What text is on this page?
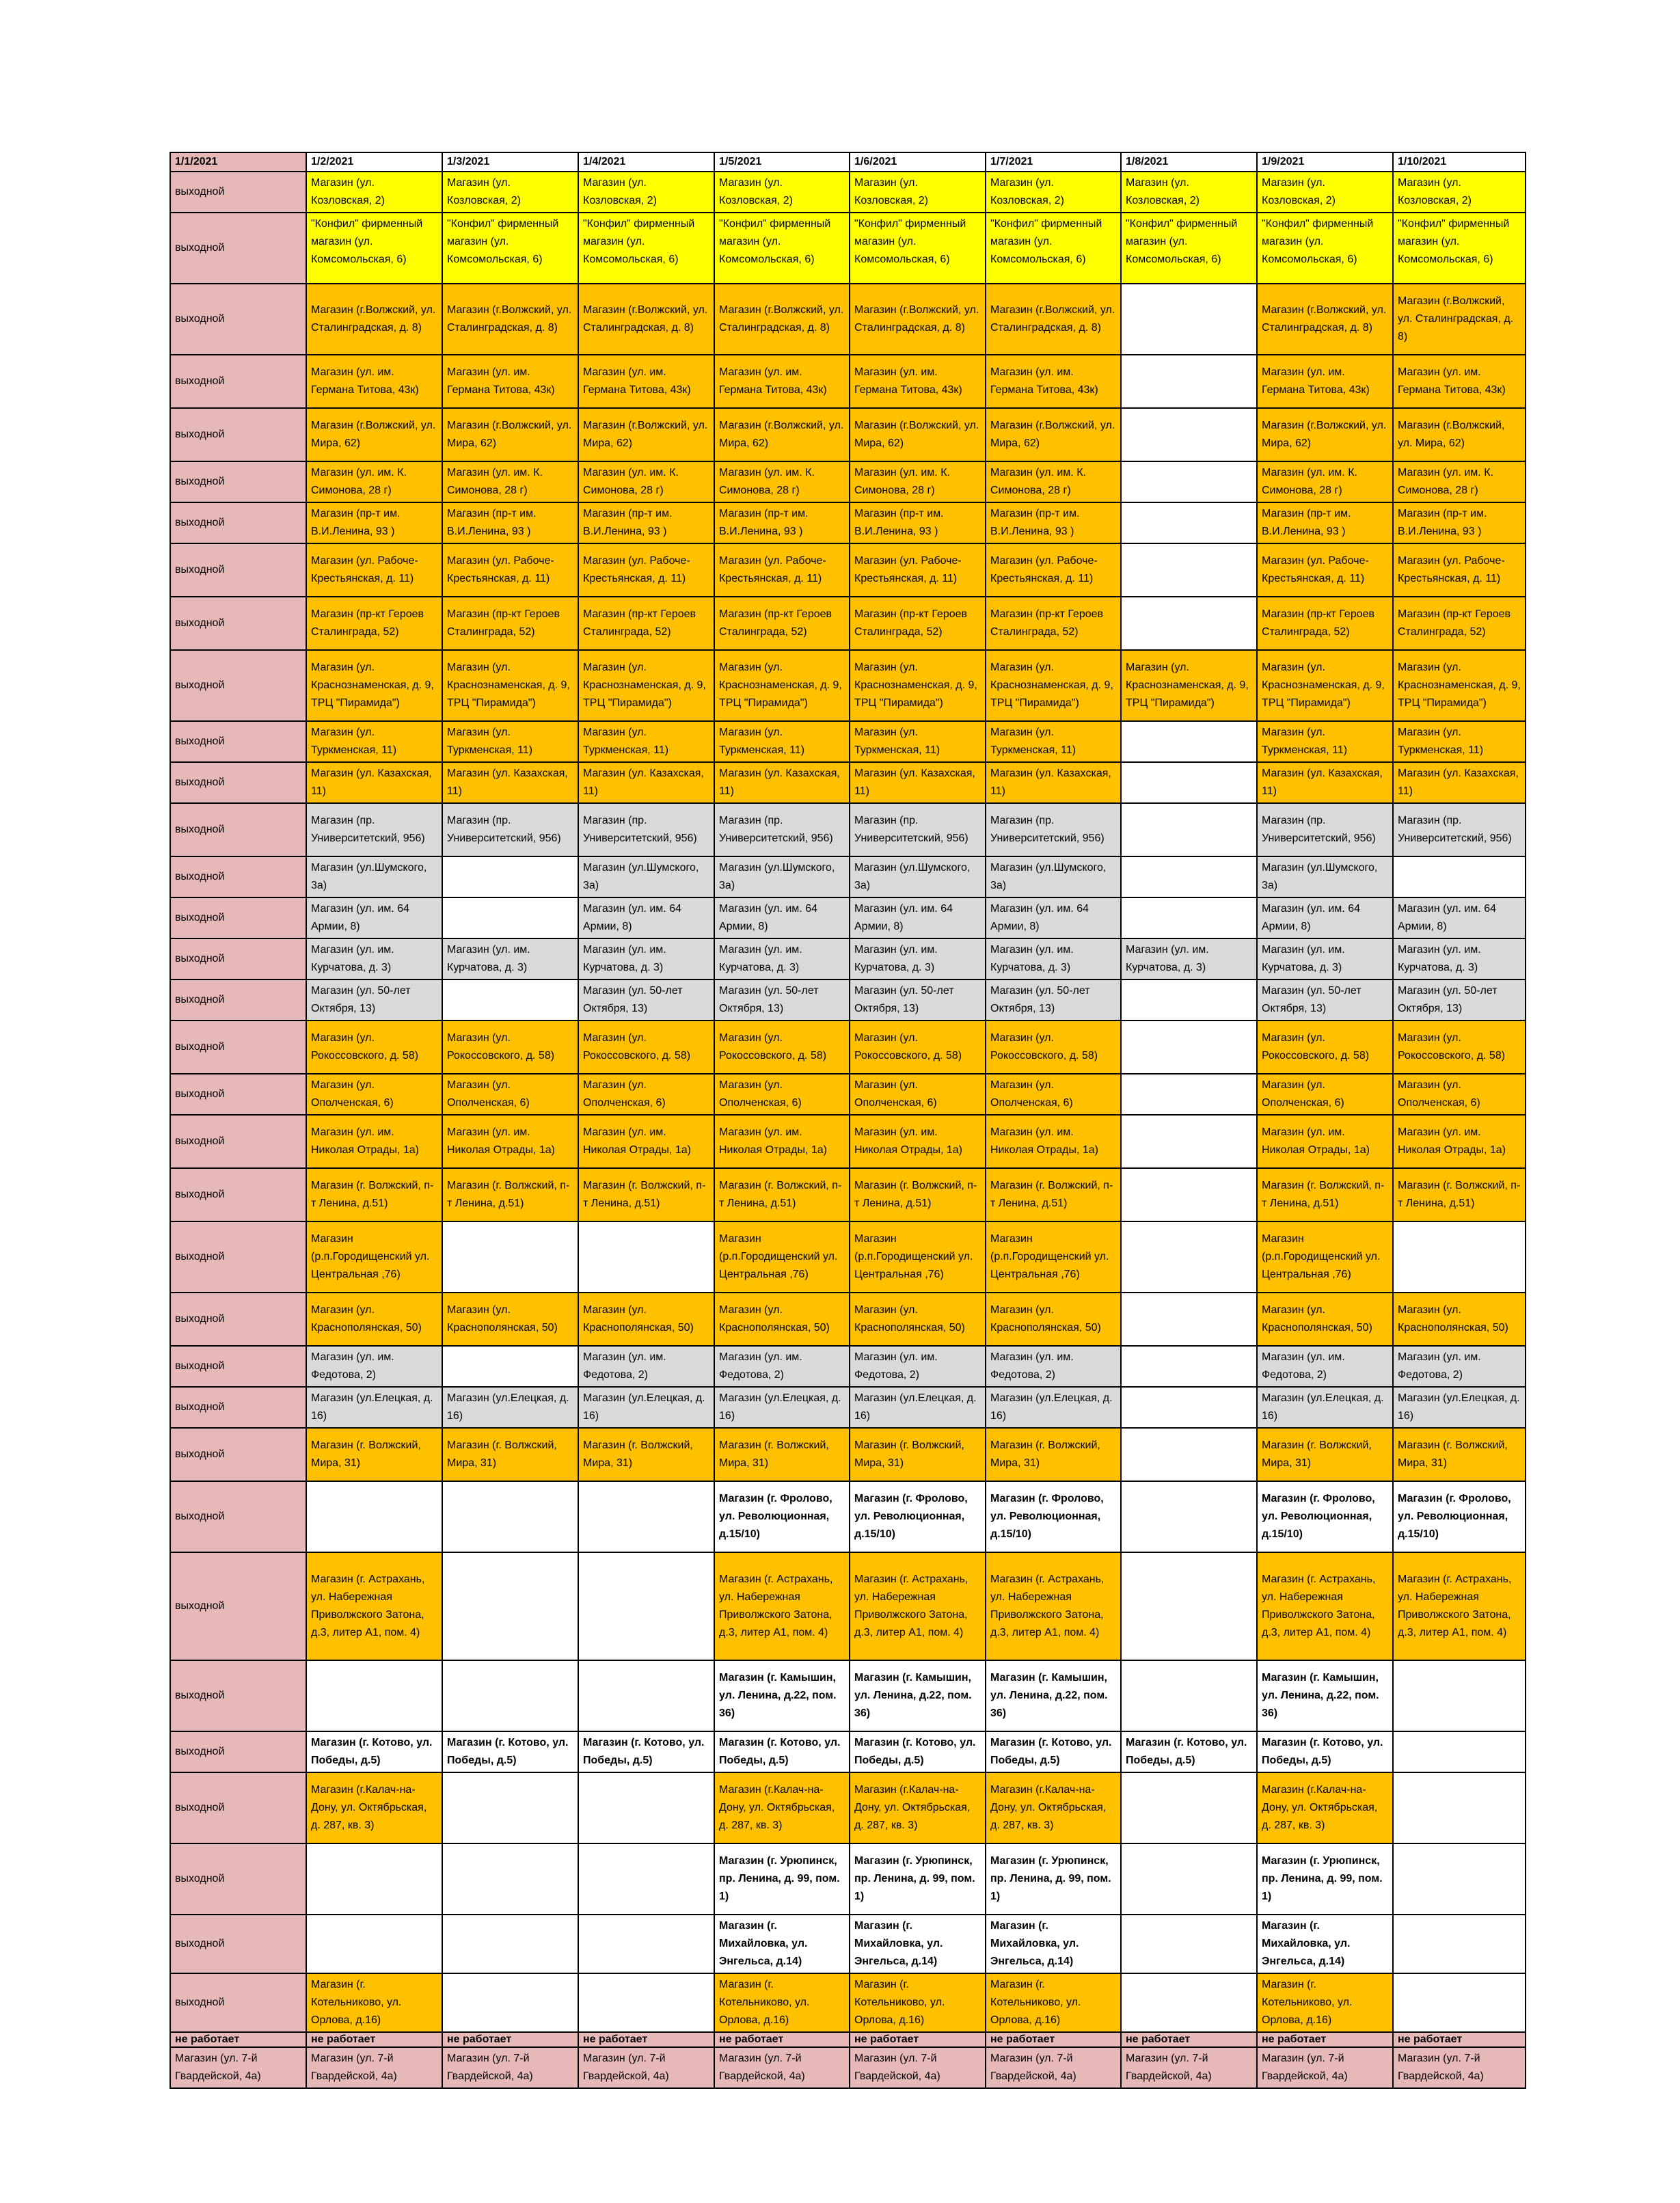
1/1/2021	1/2/2021	1/3/2021	1/4/2021	1/5/2021	1/6/2021	1/7/2021	1/8/2021	1/9/2021	1/10/2021
выходной	Магазин (ул. Козловская, 2)	Магазин (ул. Козловская, 2)	Магазин (ул. Козловская, 2)	Магазин (ул. Козловская, 2)	Магазин (ул. Козловская, 2)	Магазин (ул. Козловская, 2)	Магазин (ул. Козловская, 2)	Магазин (ул. Козловская, 2)	Магазин (ул. Козловская, 2)
выходной	"Конфил" фирменный магазин (ул. Комсомольская, 6)	"Конфил" фирменный магазин (ул. Комсомольская, 6)	"Конфил" фирменный магазин (ул. Комсомольская, 6)	"Конфил" фирменный магазин (ул. Комсомольская, 6)	"Конфил" фирменный магазин (ул. Комсомольская, 6)	"Конфил" фирменный магазин (ул. Комсомольская, 6)	"Конфил" фирменный магазин (ул. Комсомольская, 6)	"Конфил" фирменный магазин (ул. Комсомольская, 6)	"Конфил" фирменный магазин (ул. Комсомольская, 6)
выходной	Магазин (г.Волжский, ул. Сталинградская, д. 8)	Магазин (г.Волжский, ул. Сталинградская, д. 8)	Магазин (г.Волжский, ул. Сталинградская, д. 8)	Магазин (г.Волжский, ул. Сталинградская, д. 8)	Магазин (г.Волжский, ул. Сталинградская, д. 8)	Магазин (г.Волжский, ул. Сталинградская, д. 8)		Магазин (г.Волжский, ул. Сталинградская, д. 8)	Магазин (г.Волжский, ул. Сталинградская, д. 8)
выходной	Магазин (ул. им. Германа Титова, 43к)	Магазин (ул. им. Германа Титова, 43к)	Магазин (ул. им. Германа Титова, 43к)	Магазин (ул. им. Германа Титова, 43к)	Магазин (ул. им. Германа Титова, 43к)	Магазин (ул. им. Германа Титова, 43к)		Магазин (ул. им. Германа Титова, 43к)	Магазин (ул. им. Германа Титова, 43к)
выходной	Магазин (г.Волжский, ул. Мира, 62)	Магазин (г.Волжский, ул. Мира, 62)	Магазин (г.Волжский, ул. Мира, 62)	Магазин (г.Волжский, ул. Мира, 62)	Магазин (г.Волжский, ул. Мира, 62)	Магазин (г.Волжский, ул. Мира, 62)		Магазин (г.Волжский, ул. Мира, 62)	Магазин (г.Волжский, ул. Мира, 62)
выходной	Магазин (ул. им. К. Симонова, 28 г)	Магазин (ул. им. К. Симонова, 28 г)	Магазин (ул. им. К. Симонова, 28 г)	Магазин (ул. им. К. Симонова, 28 г)	Магазин (ул. им. К. Симонова, 28 г)	Магазин (ул. им. К. Симонова, 28 г)		Магазин (ул. им. К. Симонова, 28 г)	Магазин (ул. им. К. Симонова, 28 г)
выходной	Магазин (пр-т им. В.И.Ленина, 93 )	Магазин (пр-т им. В.И.Ленина, 93 )	Магазин (пр-т им. В.И.Ленина, 93 )	Магазин (пр-т им. В.И.Ленина, 93 )	Магазин (пр-т им. В.И.Ленина, 93 )	Магазин (пр-т им. В.И.Ленина, 93 )		Магазин (пр-т им. В.И.Ленина, 93 )	Магазин (пр-т им. В.И.Ленина, 93 )
выходной	Магазин (ул. Рабоче-Крестьянская, д. 11)	Магазин (ул. Рабоче-Крестьянская, д. 11)	Магазин (ул. Рабоче-Крестьянская, д. 11)	Магазин (ул. Рабоче-Крестьянская, д. 11)	Магазин (ул. Рабоче-Крестьянская, д. 11)	Магазин (ул. Рабоче-Крестьянская, д. 11)		Магазин (ул. Рабоче-Крестьянская, д. 11)	Магазин (ул. Рабоче-Крестьянская, д. 11)
выходной	Магазин (пр-кт Героев Сталинграда, 52)	Магазин (пр-кт Героев Сталинграда, 52)	Магазин (пр-кт Героев Сталинграда, 52)	Магазин (пр-кт Героев Сталинграда, 52)	Магазин (пр-кт Героев Сталинграда, 52)	Магазин (пр-кт Героев Сталинграда, 52)		Магазин (пр-кт Героев Сталинграда, 52)	Магазин (пр-кт Героев Сталинграда, 52)
выходной	Магазин (ул. Краснознаменская, д. 9, ТРЦ "Пирамида")	Магазин (ул. Краснознаменская, д. 9, ТРЦ "Пирамида")	Магазин (ул. Краснознаменская, д. 9, ТРЦ "Пирамида")	Магазин (ул. Краснознаменская, д. 9, ТРЦ "Пирамида")	Магазин (ул. Краснознаменская, д. 9, ТРЦ "Пирамида")	Магазин (ул. Краснознаменская, д. 9, ТРЦ "Пирамида")	Магазин (ул. Краснознаменская, д. 9, ТРЦ "Пирамида")	Магазин (ул. Краснознаменская, д. 9, ТРЦ "Пирамида")	Магазин (ул. Краснознаменская, д. 9, ТРЦ "Пирамида")
выходной	Магазин (ул. Туркменская, 11)	Магазин (ул. Туркменская, 11)	Магазин (ул. Туркменская, 11)	Магазин (ул. Туркменская, 11)	Магазин (ул. Туркменская, 11)	Магазин (ул. Туркменская, 11)		Магазин (ул. Туркменская, 11)	Магазин (ул. Туркменская, 11)
выходной	Магазин (ул. Казахская, 11)	Магазин (ул. Казахская, 11)	Магазин (ул. Казахская, 11)	Магазин (ул. Казахская, 11)	Магазин (ул. Казахская, 11)	Магазин (ул. Казахская, 11)		Магазин (ул. Казахская, 11)	Магазин (ул. Казахская, 11)
выходной	Магазин (пр. Университетский, 956)	Магазин (пр. Университетский, 956)	Магазин (пр. Университетский, 956)	Магазин (пр. Университетский, 956)	Магазин (пр. Университетский, 956)	Магазин (пр. Университетский, 956)		Магазин (пр. Университетский, 956)	Магазин (пр. Университетский, 956)
выходной	Магазин (ул.Шумского, 3а)		Магазин (ул.Шумского, 3а)	Магазин (ул.Шумского, 3а)	Магазин (ул.Шумского, 3а)	Магазин (ул.Шумского, 3а)		Магазин (ул.Шумского, 3а)	
выходной	Магазин (ул. им. 64 Армии, 8)		Магазин (ул. им. 64 Армии, 8)	Магазин (ул. им. 64 Армии, 8)	Магазин (ул. им. 64 Армии, 8)	Магазин (ул. им. 64 Армии, 8)		Магазин (ул. им. 64 Армии, 8)	Магазин (ул. им. 64 Армии, 8)
выходной	Магазин (ул. им. Курчатова, д. 3)	Магазин (ул. им. Курчатова, д. 3)	Магазин (ул. им. Курчатова, д. 3)	Магазин (ул. им. Курчатова, д. 3)	Магазин (ул. им. Курчатова, д. 3)	Магазин (ул. им. Курчатова, д. 3)	Магазин (ул. им. Курчатова, д. 3)	Магазин (ул. им. Курчатова, д. 3)	Магазин (ул. им. Курчатова, д. 3)
выходной	Магазин (ул. 50-лет Октября, 13)		Магазин (ул. 50-лет Октября, 13)	Магазин (ул. 50-лет Октября, 13)	Магазин (ул. 50-лет Октября, 13)	Магазин (ул. 50-лет Октября, 13)		Магазин (ул. 50-лет Октября, 13)	Магазин (ул. 50-лет Октября, 13)
выходной	Магазин (ул. Рокоссовского, д. 58)	Магазин (ул. Рокоссовского, д. 58)	Магазин (ул. Рокоссовского, д. 58)	Магазин (ул. Рокоссовского, д. 58)	Магазин (ул. Рокоссовского, д. 58)	Магазин (ул. Рокоссовского, д. 58)		Магазин (ул. Рокоссовского, д. 58)	Магазин (ул. Рокоссовского, д. 58)
выходной	Магазин (ул. Ополченская, 6)	Магазин (ул. Ополченская, 6)	Магазин (ул. Ополченская, 6)	Магазин (ул. Ополченская, 6)	Магазин (ул. Ополченская, 6)	Магазин (ул. Ополченская, 6)		Магазин (ул. Ополченская, 6)	Магазин (ул. Ополченская, 6)
выходной	Магазин (ул. им. Николая Отрады, 1а)	Магазин (ул. им. Николая Отрады, 1а)	Магазин (ул. им. Николая Отрады, 1а)	Магазин (ул. им. Николая Отрады, 1а)	Магазин (ул. им. Николая Отрады, 1а)	Магазин (ул. им. Николая Отрады, 1а)		Магазин (ул. им. Николая Отрады, 1а)	Магазин (ул. им. Николая Отрады, 1а)
выходной	Магазин (г. Волжский, п-т Ленина, д.51)	Магазин (г. Волжский, п-т Ленина, д.51)	Магазин (г. Волжский, п-т Ленина, д.51)	Магазин (г. Волжский, п-т Ленина, д.51)	Магазин (г. Волжский, п-т Ленина, д.51)	Магазин (г. Волжский, п-т Ленина, д.51)		Магазин (г. Волжский, п-т Ленина, д.51)	Магазин (г. Волжский, п-т Ленина, д.51)
выходной	Магазин (р.п.Городищенский ул. Центральная ,76)			Магазин (р.п.Городищенский ул. Центральная ,76)	Магазин (р.п.Городищенский ул. Центральная ,76)	Магазин (р.п.Городищенский ул. Центральная ,76)		Магазин (р.п.Городищенский ул. Центральная ,76)	
выходной	Магазин (ул. Краснополянская, 50)	Магазин (ул. Краснополянская, 50)	Магазин (ул. Краснополянская, 50)	Магазин (ул. Краснополянская, 50)	Магазин (ул. Краснополянская, 50)	Магазин (ул. Краснополянская, 50)		Магазин (ул. Краснополянская, 50)	Магазин (ул. Краснополянская, 50)
выходной	Магазин (ул. им. Федотова, 2)		Магазин (ул. им. Федотова, 2)	Магазин (ул. им. Федотова, 2)	Магазин (ул. им. Федотова, 2)	Магазин (ул. им. Федотова, 2)		Магазин (ул. им. Федотова, 2)	Магазин (ул. им. Федотова, 2)
выходной	Магазин (ул.Елецкая, д. 16)	Магазин (ул.Елецкая, д. 16)	Магазин (ул.Елецкая, д. 16)	Магазин (ул.Елецкая, д. 16)	Магазин (ул.Елецкая, д. 16)	Магазин (ул.Елецкая, д. 16)		Магазин (ул.Елецкая, д. 16)	Магазин (ул.Елецкая, д. 16)
выходной	Магазин (г. Волжский, Мира, 31)	Магазин (г. Волжский, Мира, 31)	Магазин (г. Волжский, Мира, 31)	Магазин (г. Волжский, Мира, 31)	Магазин (г. Волжский, Мира, 31)	Магазин (г. Волжский, Мира, 31)		Магазин (г. Волжский, Мира, 31)	Магазин (г. Волжский, Мира, 31)
выходной				Магазин (г. Фролово, ул. Революционная, д.15/10)	Магазин (г. Фролово, ул. Революционная, д.15/10)	Магазин (г. Фролово, ул. Революционная, д.15/10)		Магазин (г. Фролово, ул. Революционная, д.15/10)	Магазин (г. Фролово, ул. Революционная, д.15/10)
выходной	Магазин (г. Астрахань, ул. Набережная Приволжского Затона, д.3, литер А1, пом. 4)			Магазин (г. Астрахань, ул. Набережная Приволжского Затона, д.3, литер А1, пом. 4)	Магазин (г. Астрахань, ул. Набережная Приволжского Затона, д.3, литер А1, пом. 4)	Магазин (г. Астрахань, ул. Набережная Приволжского Затона, д.3, литер А1, пом. 4)		Магазин (г. Астрахань, ул. Набережная Приволжского Затона, д.3, литер А1, пом. 4)	Магазин (г. Астрахань, ул. Набережная Приволжского Затона, д.3, литер А1, пом. 4)
выходной				Магазин (г. Камышин, ул. Ленина, д.22, пом. 36)	Магазин (г. Камышин, ул. Ленина, д.22, пом. 36)	Магазин (г. Камышин, ул. Ленина, д.22, пом. 36)		Магазин (г. Камышин, ул. Ленина, д.22, пом. 36)	
выходной	Магазин (г. Котово, ул. Победы, д.5)	Магазин (г. Котово, ул. Победы, д.5)	Магазин (г. Котово, ул. Победы, д.5)	Магазин (г. Котово, ул. Победы, д.5)	Магазин (г. Котово, ул. Победы, д.5)	Магазин (г. Котово, ул. Победы, д.5)	Магазин (г. Котово, ул. Победы, д.5)	Магазин (г. Котово, ул. Победы, д.5)	
выходной	Магазин (г.Калач-на-Дону, ул. Октябрьская, д. 287, кв. 3)			Магазин (г.Калач-на-Дону, ул. Октябрьская, д. 287, кв. 3)	Магазин (г.Калач-на-Дону, ул. Октябрьская, д. 287, кв. 3)	Магазин (г.Калач-на-Дону, ул. Октябрьская, д. 287, кв. 3)		Магазин (г.Калач-на-Дону, ул. Октябрьская, д. 287, кв. 3)	
выходной				Магазин (г. Урюпинск, пр. Ленина, д. 99, пом. 1)	Магазин (г. Урюпинск, пр. Ленина, д. 99, пом. 1)	Магазин (г. Урюпинск, пр. Ленина, д. 99, пом. 1)		Магазин (г. Урюпинск, пр. Ленина, д. 99, пом. 1)	
выходной				Магазин (г. Михайловка, ул. Энгельса, д.14)	Магазин (г. Михайловка, ул. Энгельса, д.14)	Магазин (г. Михайловка, ул. Энгельса, д.14)		Магазин (г. Михайловка, ул. Энгельса, д.14)	
выходной	Магазин (г. Котельниково, ул. Орлова, д.16)			Магазин (г. Котельниково, ул. Орлова, д.16)	Магазин (г. Котельниково, ул. Орлова, д.16)	Магазин (г. Котельниково, ул. Орлова, д.16)		Магазин (г. Котельниково, ул. Орлова, д.16)	
не работает	не работает	не работает	не работает	не работает	не работает	не работает	не работает	не работает	не работает
Магазин (ул. 7-й Гвардейской, 4а)	Магазин (ул. 7-й Гвардейской, 4а)	Магазин (ул. 7-й Гвардейской, 4а)	Магазин (ул. 7-й Гвардейской, 4а)	Магазин (ул. 7-й Гвардейской, 4а)	Магазин (ул. 7-й Гвардейской, 4а)	Магазин (ул. 7-й Гвардейской, 4а)	Магазин (ул. 7-й Гвардейской, 4а)	Магазин (ул. 7-й Гвардейской, 4а)	Магазин (ул. 7-й Гвардейской, 4а)
